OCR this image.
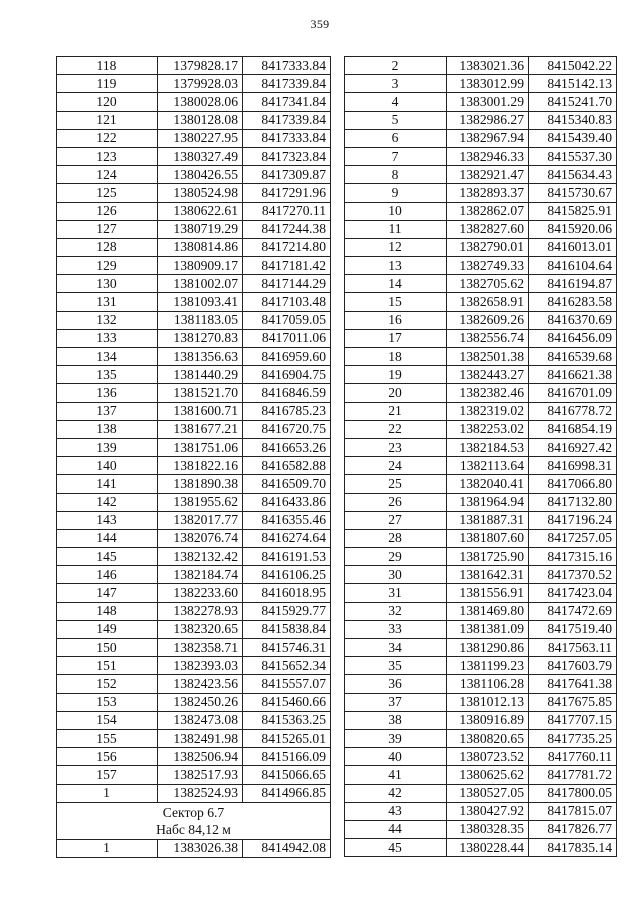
359
118	1379828.17	8417333.84
119	1379928.03	8417339.84
120	1380028.06	8417341.84
121	1380128.08	8417339.84
122	1380227.95	8417333.84
123	1380327.49	8417323.84
124	1380426.55	8417309.87
125	1380524.98	8417291.96
126	1380622.61	8417270.11
127	1380719.29	8417244.38
128	1380814.86	8417214.80
129	1380909.17	8417181.42
130	1381002.07	8417144.29
131	1381093.41	8417103.48
132	1381183.05	8417059.05
133	1381270.83	8417011.06
134	1381356.63	8416959.60
135	1381440.29	8416904.75
136	1381521.70	8416846.59
137	1381600.71	8416785.23
138	1381677.21	8416720.75
139	1381751.06	8416653.26
140	1381822.16	8416582.88
141	1381890.38	8416509.70
142	1381955.62	8416433.86
143	1382017.77	8416355.46
144	1382076.74	8416274.64
145	1382132.42	8416191.53
146	1382184.74	8416106.25
147	1382233.60	8416018.95
148	1382278.93	8415929.77
149	1382320.65	8415838.84
150	1382358.71	8415746.31
151	1382393.03	8415652.34
152	1382423.56	8415557.07
153	1382450.26	8415460.66
154	1382473.08	8415363.25
155	1382491.98	8415265.01
156	1382506.94	8415166.09
157	1382517.93	8415066.65
1	1382524.93	8414966.85

Сектор 6.7
Набс 84,12 м		

1	1383026.38	8414942.08
2	1383021.36	8415042.22
3	1383012.99	8415142.13
4	1383001.29	8415241.70
5	1382986.27	8415340.83
6	1382967.94	8415439.40
7	1382946.33	8415537.30
8	1382921.47	8415634.43
9	1382893.37	8415730.67
10	1382862.07	8415825.91
11	1382827.60	8415920.06
12	1382790.01	8416013.01
13	1382749.33	8416104.64
14	1382705.62	8416194.87
15	1382658.91	8416283.58
16	1382609.26	8416370.69
17	1382556.74	8416456.09
18	1382501.38	8416539.68
19	1382443.27	8416621.38
20	1382382.46	8416701.09
21	1382319.02	8416778.72
22	1382253.02	8416854.19
23	1382184.53	8416927.42
24	1382113.64	8416998.31
25	1382040.41	8417066.80
26	1381964.94	8417132.80
27	1381887.31	8417196.24
28	1381807.60	8417257.05
29	1381725.90	8417315.16
30	1381642.31	8417370.52
31	1381556.91	8417423.04
32	1381469.80	8417472.69
33	1381381.09	8417519.40
34	1381290.86	8417563.11
35	1381199.23	8417603.79
36	1381106.28	8417641.38
37	1381012.13	8417675.85
38	1380916.89	8417707.15
39	1380820.65	8417735.25
40	1380723.52	8417760.11
41	1380625.62	8417781.72
42	1380527.05	8417800.05
43	1380427.92	8417815.07
44	1380328.35	8417826.77
45	1380228.44	8417835.14
